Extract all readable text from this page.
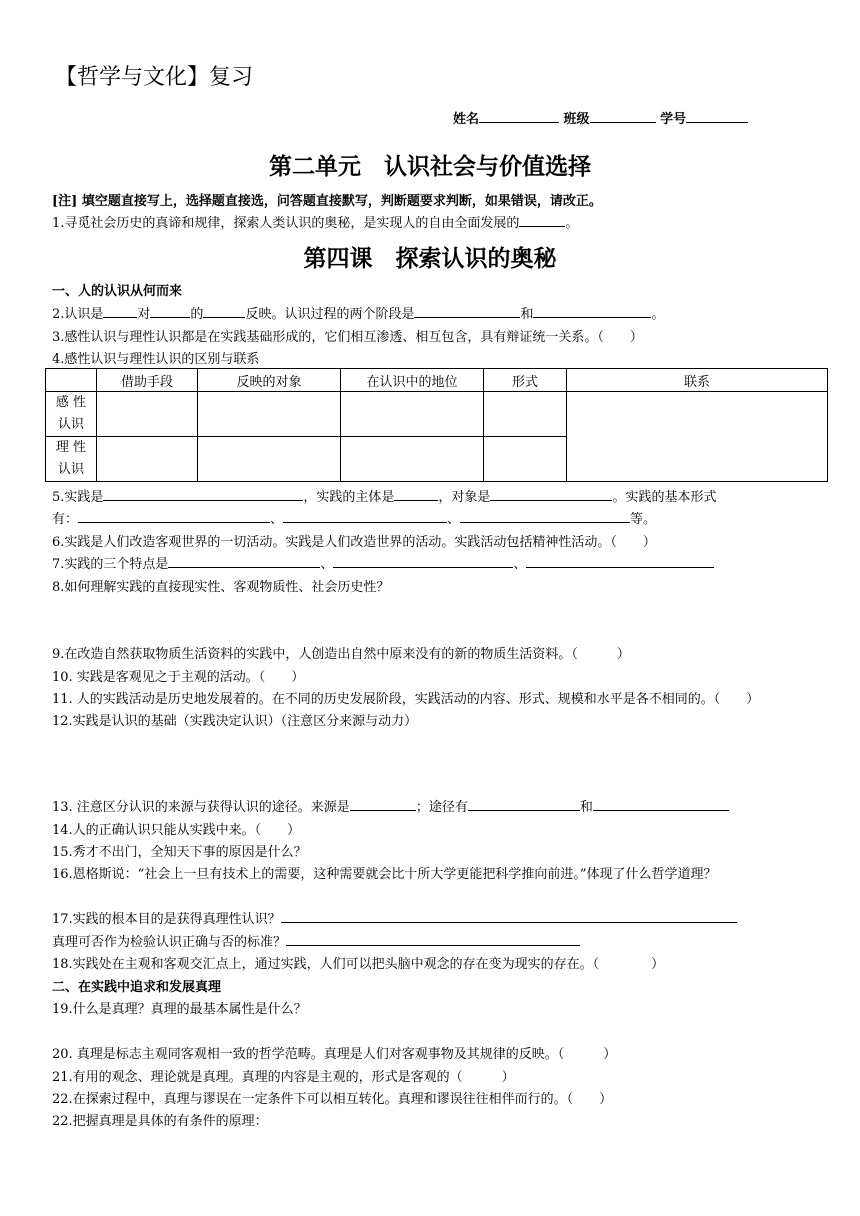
【哲学与文化】复习
姓名	班级	学号
第二单元　认识社会与价值选择
[注] 填空题直接写上，选择题直接选，问答题直接默写，判断题要求判断，如果错误，请改正。
1.寻觅社会历史的真谛和规律，探索人类认识的奥秘，是实现人的自由全面发展的	。
第四课　探索认识的奥秘
一、人的认识从何而来
2.认识是	对	的	反映。认识过程的两个阶段是	和	。
3.感性认识与理性认识都是在实践基础形成的，它们相互渗透、相互包含，具有辩证统一关系。（　　）
4.感性认识与理性认识的区别与联系
	借助手段	反映的对象	在认识中的地位	形式	联系
感 性
认识					
理 性
认识					
5.实践是	，实践的主体是	，对象是	。实践的基本形式
有：	、	、	等。
6.实践是人们改造客观世界的一切活动。实践是人们改造世界的活动。实践活动包括精神性活动。（　　）
7.实践的三个特点是	、	、
8.如何理解实践的直接现实性、客观物质性、社会历史性？
9.在改造自然获取物质生活资料的实践中，人创造出自然中原来没有的新的物质生活资料。（　　　）
10. 实践是客观见之于主观的活动。（　　）
11. 人的实践活动是历史地发展着的。在不同的历史发展阶段，实践活动的内容、形式、规模和水平是各不相同的。（　　）
12.实践是认识的基础（实践决定认识）（注意区分来源与动力）
13. 注意区分认识的来源与获得认识的途径。来源是	；途径有	和
14.人的正确认识只能从实践中来。（　　）
15.秀才不出门，全知天下事的原因是什么？
16.恩格斯说：“社会上一旦有技术上的需要，这种需要就会比十所大学更能把科学推向前进。”体现了什么哲学道理？
17.实践的根本目的是获得真理性认识？
真理可否作为检验认识正确与否的标准？
18.实践处在主观和客观交汇点上，通过实践，人们可以把头脑中观念的存在变为现实的存在。（　　　　）
二、在实践中追求和发展真理
19.什么是真理？真理的最基本属性是什么？
20. 真理是标志主观同客观相一致的哲学范畴。真理是人们对客观事物及其规律的反映。（　　　）
21.有用的观念、理论就是真理。真理的内容是主观的，形式是客观的（　　　）
22.在探索过程中，真理与谬误在一定条件下可以相互转化。真理和谬误往往相伴而行的。（　　）
22.把握真理是具体的有条件的原理：
